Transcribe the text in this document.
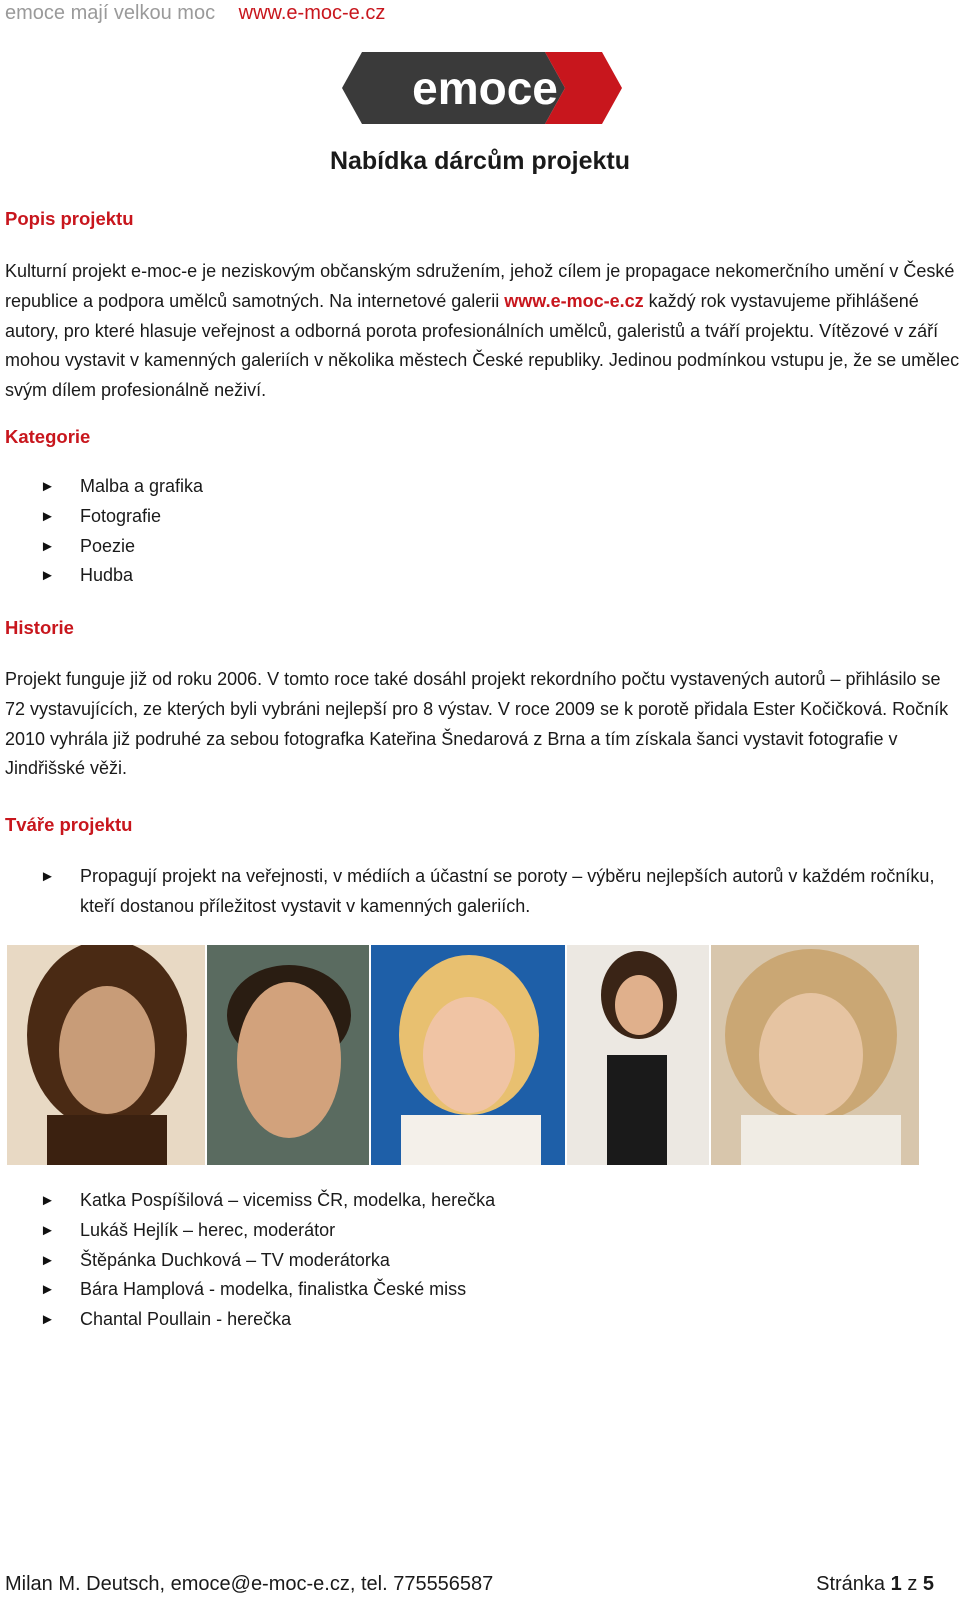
emoce mají velkou moc www.e-moc-e.cz
emoce
Nabídka dárcům projektu
Popis projektu

Kulturní projekt e-moc-e je neziskovým občanským sdružením, jehož cílem je propagace nekomerčního umění v České republice a podpora umělců samotných. Na internetové galerii www.e-moc-e.cz každý rok vystavujeme přihlášené autory, pro které hlasuje veřejnost a odborná porota profesionálních umělců, galeristů a tváří projektu. Vítězové v září mohou vystavit v kamenných galeriích v několika městech České republiky. Jedinou podmínkou vstupu je, že se umělec svým dílem profesionálně neživí.

Kategorie
► Malba a grafika
► Fotografie
► Poezie
► Hudba
Historie

Projekt funguje již od roku 2006. V tomto roce také dosáhl projekt rekordního počtu vystavených autorů – přihlásilo se 72 vystavujících, ze kterých byli vybráni nejlepší pro 8 výstav. V roce 2009 se k porotě přidala Ester Kočičková. Ročník 2010 vyhrála již podruhé za sebou fotografka Kateřina Šnedarová z Brna a tím získala šanci vystavit fotografie v Jindřišské věži.

Tváře projektu
► Propagují projekt na veřejnosti, v médiích a účastní se poroty – výběru nejlepších autorů v každém ročníku, kteří dostanou příležitost vystavit v kamenných galeriích.
► Katka Pospíšilová – vicemiss ČR, modelka, herečka
► Lukáš Hejlík – herec, moderátor
► Štěpánka Duchková – TV moderátorka
► Bára Hamplová - modelka, finalistka České miss
► Chantal Poullain - herečka
Milan M. Deutsch, emoce@e-moc-e.cz, tel. 775556587	Stránka 1 z 5
